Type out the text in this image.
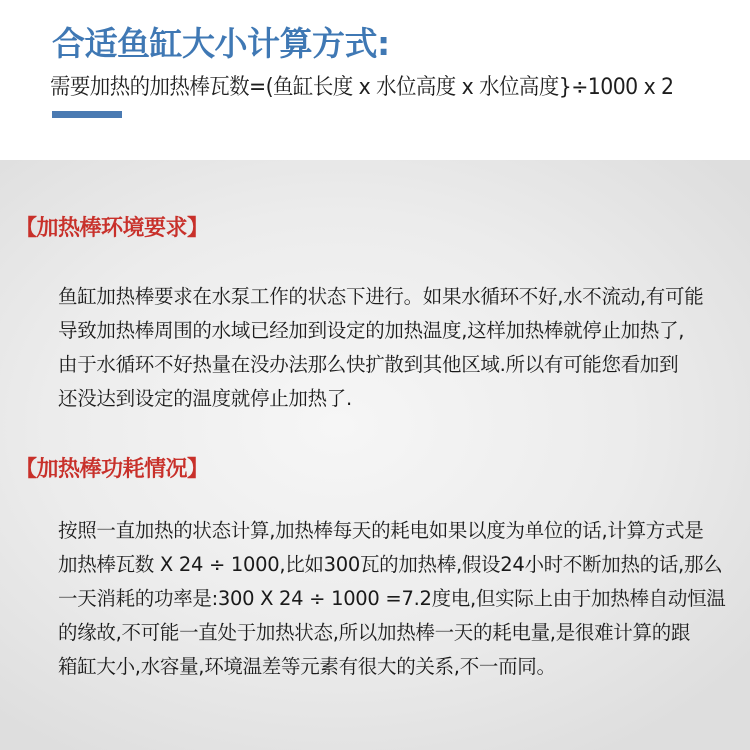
合适鱼缸大小计算方式:

需要加热的加热棒瓦数=(鱼缸长度 x 水位高度 x 水位高度}÷1000 x 2

【加热棒环境要求】

鱼缸加热棒要求在水泵工作的状态下进行。如果水循环不好,水不流动,有可能
导致加热棒周围的水域已经加到设定的加热温度,这样加热棒就停止加热了,
由于水循环不好热量在没办法那么快扩散到其他区域.所以有可能您看加到
还没达到设定的温度就停止加热了.

【加热棒功耗情况】

按照一直加热的状态计算,加热棒每天的耗电如果以度为单位的话,计算方式是
加热棒瓦数 X 24 ÷ 1000,比如300瓦的加热棒,假设24小时不断加热的话,那么
一天消耗的功率是:300 X 24 ÷ 1000 =7.2度电,但实际上由于加热棒自动恒温
的缘故,不可能一直处于加热状态,所以加热棒一天的耗电量,是很难计算的跟
箱缸大小,水容量,环境温差等元素有很大的关系,不一而同。
